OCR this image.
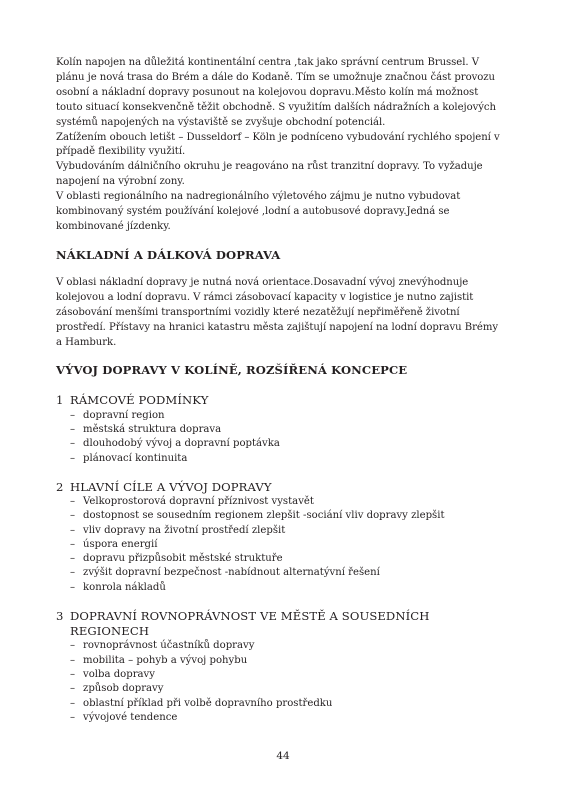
Kolín napojen na důležitá kontinentální centra ,tak jako správní centrum Brussel. V plánu je nová trasa do Brém a dále do Kodaně. Tím se umožnuje značnou část provozu osobní a nákladní dopravy posunout na kolejovou dopravu.Město kolín má možnost touto situací konsekvenčně těžit obchodně. S využitím dalších nádražních a kolejových systémů napojených na výstaviště se zvyšuje obchodní potenciál.

Zatížením obouch letišt – Dusseldorf – Köln je podníceno vybudování rychlého spojení v případě flexibility využití.

Vybudováním dálničního okruhu je reagováno na růst tranzitní dopravy. To vyžaduje napojení na výrobní zony.

V oblasti regionálního na nadregionálního výletového zájmu je nutno vybudovat kombinovaný systém používání kolejové ,lodní a autobusové dopravy.Jedná se kombinované jízdenky.

NÁKLADNÍ A DÁLKOVÁ DOPRAVA

V oblasi nákladní dopravy je nutná nová orientace.Dosavadní vývoj znevýhodnuje kolejovou a lodní dopravu. V rámci zásobovací kapacity v logistice je nutno zajistit zásobování menšími transportními vozidly které nezatěžují nepřiměřeně životní prostředí. Přístavy na hranici katastru města zajištují napojení na lodní dopravu Brémy a Hamburk.

VÝVOJ DOPRAVY V KOLÍNĚ, ROZŠÍŘENÁ KONCEPCE
1 RÁMCOVÉ PODMÍNKY
– dopravní region
– městská struktura doprava
– dlouhodobý vývoj a dopravní poptávka
– plánovací kontinuita
2 HLAVNÍ CÍLE A VÝVOJ DOPRAVY
– Velkoprostorová dopravní příznivost vystavět
– dostopnost se sousedním regionem zlepšit -sociání vliv dopravy zlepšit
– vliv dopravy na životní prostředí zlepšit
– úspora energií
– dopravu přizpůsobit městské struktuře
– zvýšit dopravní bezpečnost -nabídnout alternatývní řešení
– konrola nákladů
3 DOPRAVNÍ ROVNOPRÁVNOST VE MĚSTĚ A SOUSEDNÍCH REGIONECH
– rovnoprávnost účastníků dopravy
– mobilita – pohyb a vývoj pohybu
– volba dopravy
– způsob dopravy
– oblastní příklad při volbě dopravního prostředku
– vývojové tendence
44
